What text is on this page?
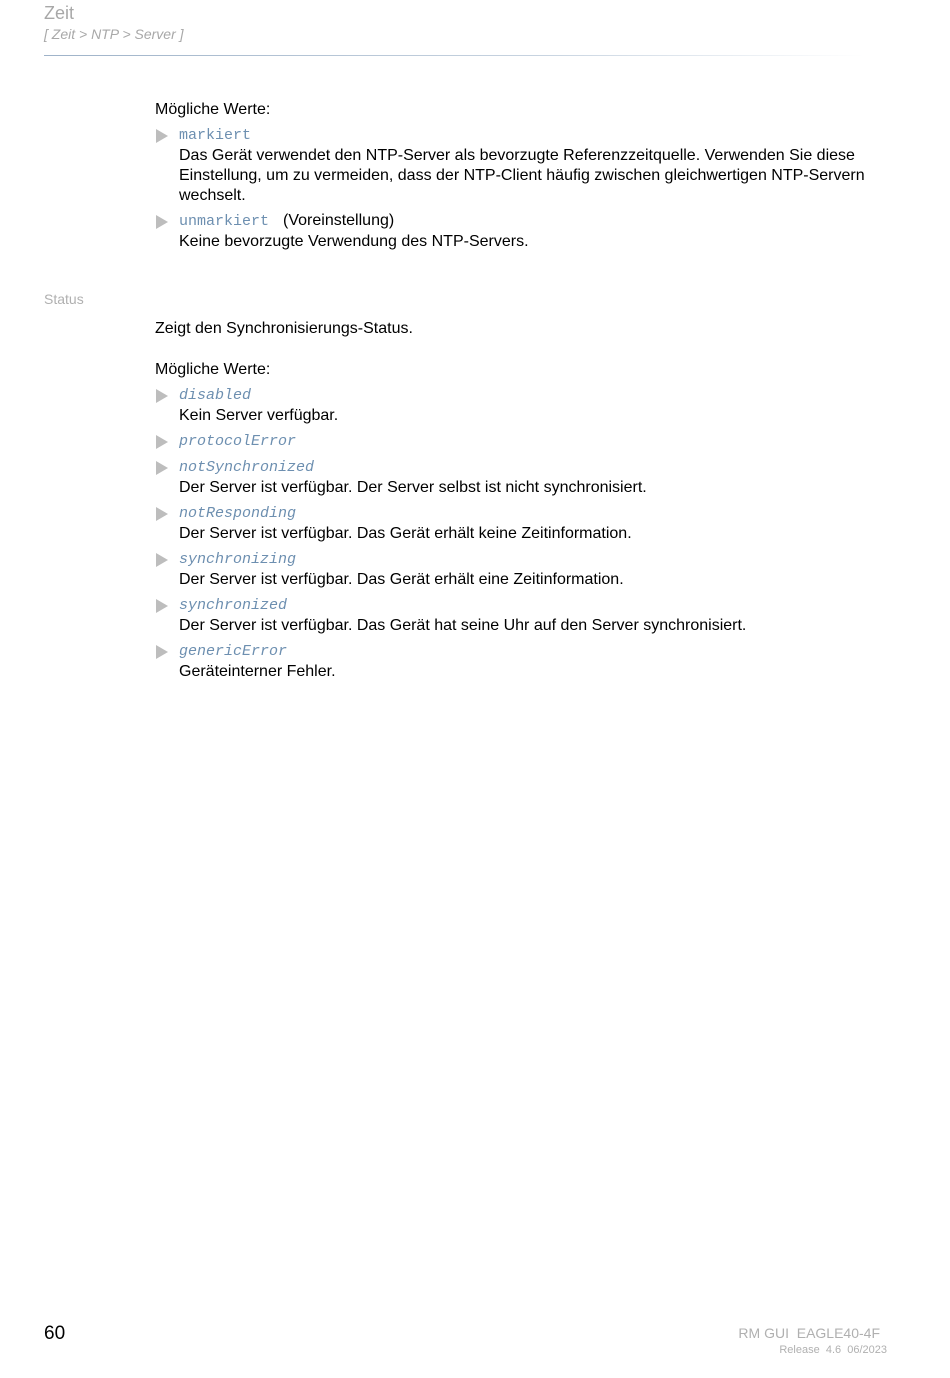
Zeit
[ Zeit > NTP > Server ]
Mögliche Werte:
markiert
Das Gerät verwendet den NTP-Server als bevorzugte Referenzzeitquelle. Verwenden Sie diese Einstellung, um zu vermeiden, dass der NTP-Client häufig zwischen gleichwertigen NTP-Servern wechselt.
unmarkiert (Voreinstellung)
Keine bevorzugte Verwendung des NTP-Servers.
Status
Zeigt den Synchronisierungs-Status.
Mögliche Werte:
disabled
Kein Server verfügbar.
protocolError
notSynchronized
Der Server ist verfügbar. Der Server selbst ist nicht synchronisiert.
notResponding
Der Server ist verfügbar. Das Gerät erhält keine Zeitinformation.
synchronizing
Der Server ist verfügbar. Das Gerät erhält eine Zeitinformation.
synchronized
Der Server ist verfügbar. Das Gerät hat seine Uhr auf den Server synchronisiert.
genericError
Geräteinterner Fehler.
60	RM GUI  EAGLE40-4F
Release  4.6  06/2023
